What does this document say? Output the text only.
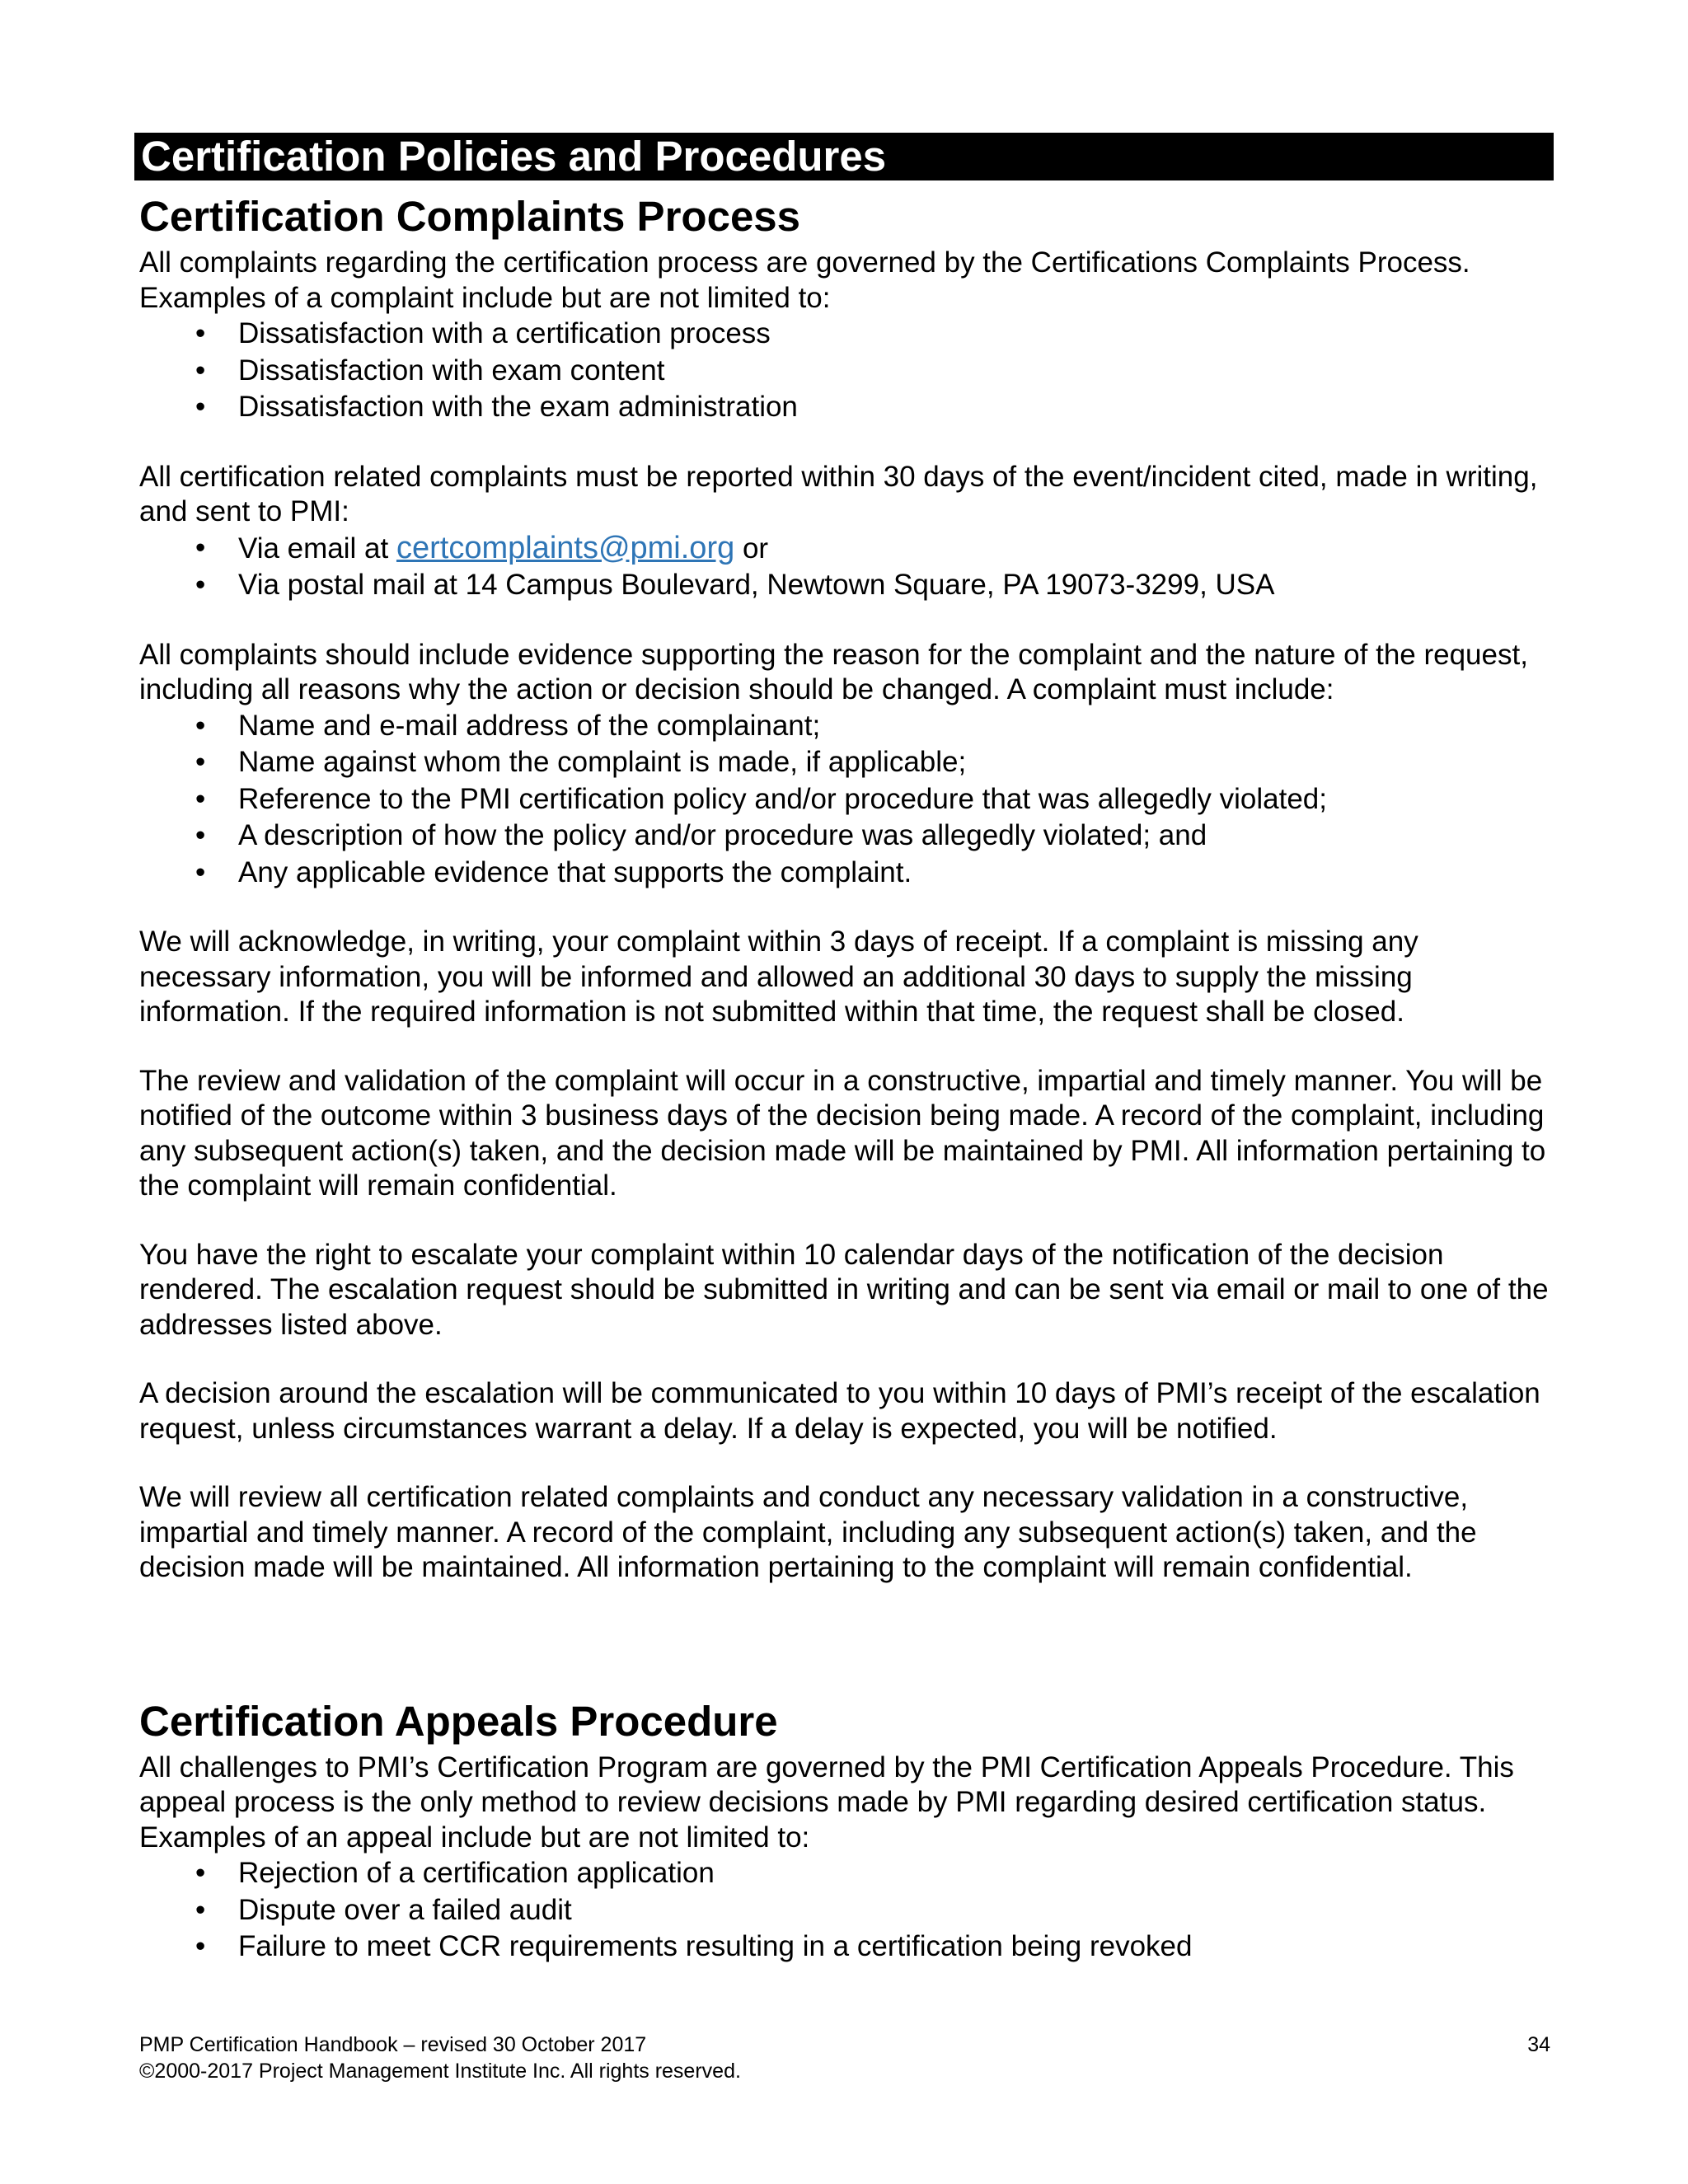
Certification Policies and Procedures
Certification Complaints Process

All complaints regarding the certification process are governed by the Certifications Complaints Process. Examples of a complaint include but are not limited to:

• Dissatisfaction with a certification process
• Dissatisfaction with exam content
• Dissatisfaction with the exam administration

All certification related complaints must be reported within 30 days of the event/incident cited, made in writing, and sent to PMI:

• Via email at certcomplaints@pmi.org or
• Via postal mail at 14 Campus Boulevard, Newtown Square, PA 19073-3299, USA

All complaints should include evidence supporting the reason for the complaint and the nature of the request, including all reasons why the action or decision should be changed. A complaint must include:

• Name and e-mail address of the complainant;
• Name against whom the complaint is made, if applicable;
• Reference to the PMI certification policy and/or procedure that was allegedly violated;
• A description of how the policy and/or procedure was allegedly violated; and
• Any applicable evidence that supports the complaint.

We will acknowledge, in writing, your complaint within 3 days of receipt. If a complaint is missing any necessary information, you will be informed and allowed an additional 30 days to supply the missing information. If the required information is not submitted within that time, the request shall be closed.

The review and validation of the complaint will occur in a constructive, impartial and timely manner. You will be notified of the outcome within 3 business days of the decision being made. A record of the complaint, including any subsequent action(s) taken, and the decision made will be maintained by PMI. All information pertaining to the complaint will remain confidential.

You have the right to escalate your complaint within 10 calendar days of the notification of the decision rendered. The escalation request should be submitted in writing and can be sent via email or mail to one of the addresses listed above.

A decision around the escalation will be communicated to you within 10 days of PMI’s receipt of the escalation request, unless circumstances warrant a delay. If a delay is expected, you will be notified.

We will review all certification related complaints and conduct any necessary validation in a constructive, impartial and timely manner. A record of the complaint, including any subsequent action(s) taken, and the decision made will be maintained. All information pertaining to the complaint will remain confidential.

Certification Appeals Procedure

All challenges to PMI’s Certification Program are governed by the PMI Certification Appeals Procedure. This appeal process is the only method to review decisions made by PMI regarding desired certification status. Examples of an appeal include but are not limited to:

• Rejection of a certification application
• Dispute over a failed audit
• Failure to meet CCR requirements resulting in a certification being revoked
PMP Certification Handbook – revised 30 October 2017	34
©2000-2017 Project Management Institute Inc. All rights reserved.
